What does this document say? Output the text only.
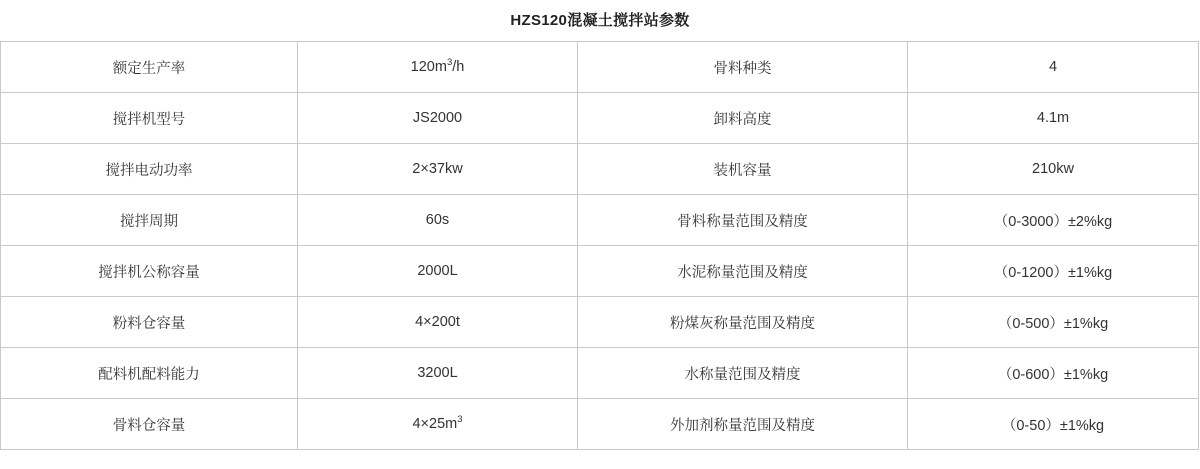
HZS120混凝土搅拌站参数
额定生产率	$120m^3/h$	骨料种类	4
搅拌机型号	JS2000	卸料高度	4.1m
搅拌电动功率	2×37kw	装机容量	210kw
搅拌周期	60s	骨料称量范围及精度	（0-3000）±2%kg
搅拌机公称容量	2000L	水泥称量范围及精度	（0-1200）±1%kg
粉料仓容量	4×200t	粉煤灰称量范围及精度	（0-500）±1%kg
配料机配料能力	3200L	水称量范围及精度	（0-600）±1%kg
骨料仓容量	$4\times 25m^3$	外加剂称量范围及精度	（0-50）±1%kg
